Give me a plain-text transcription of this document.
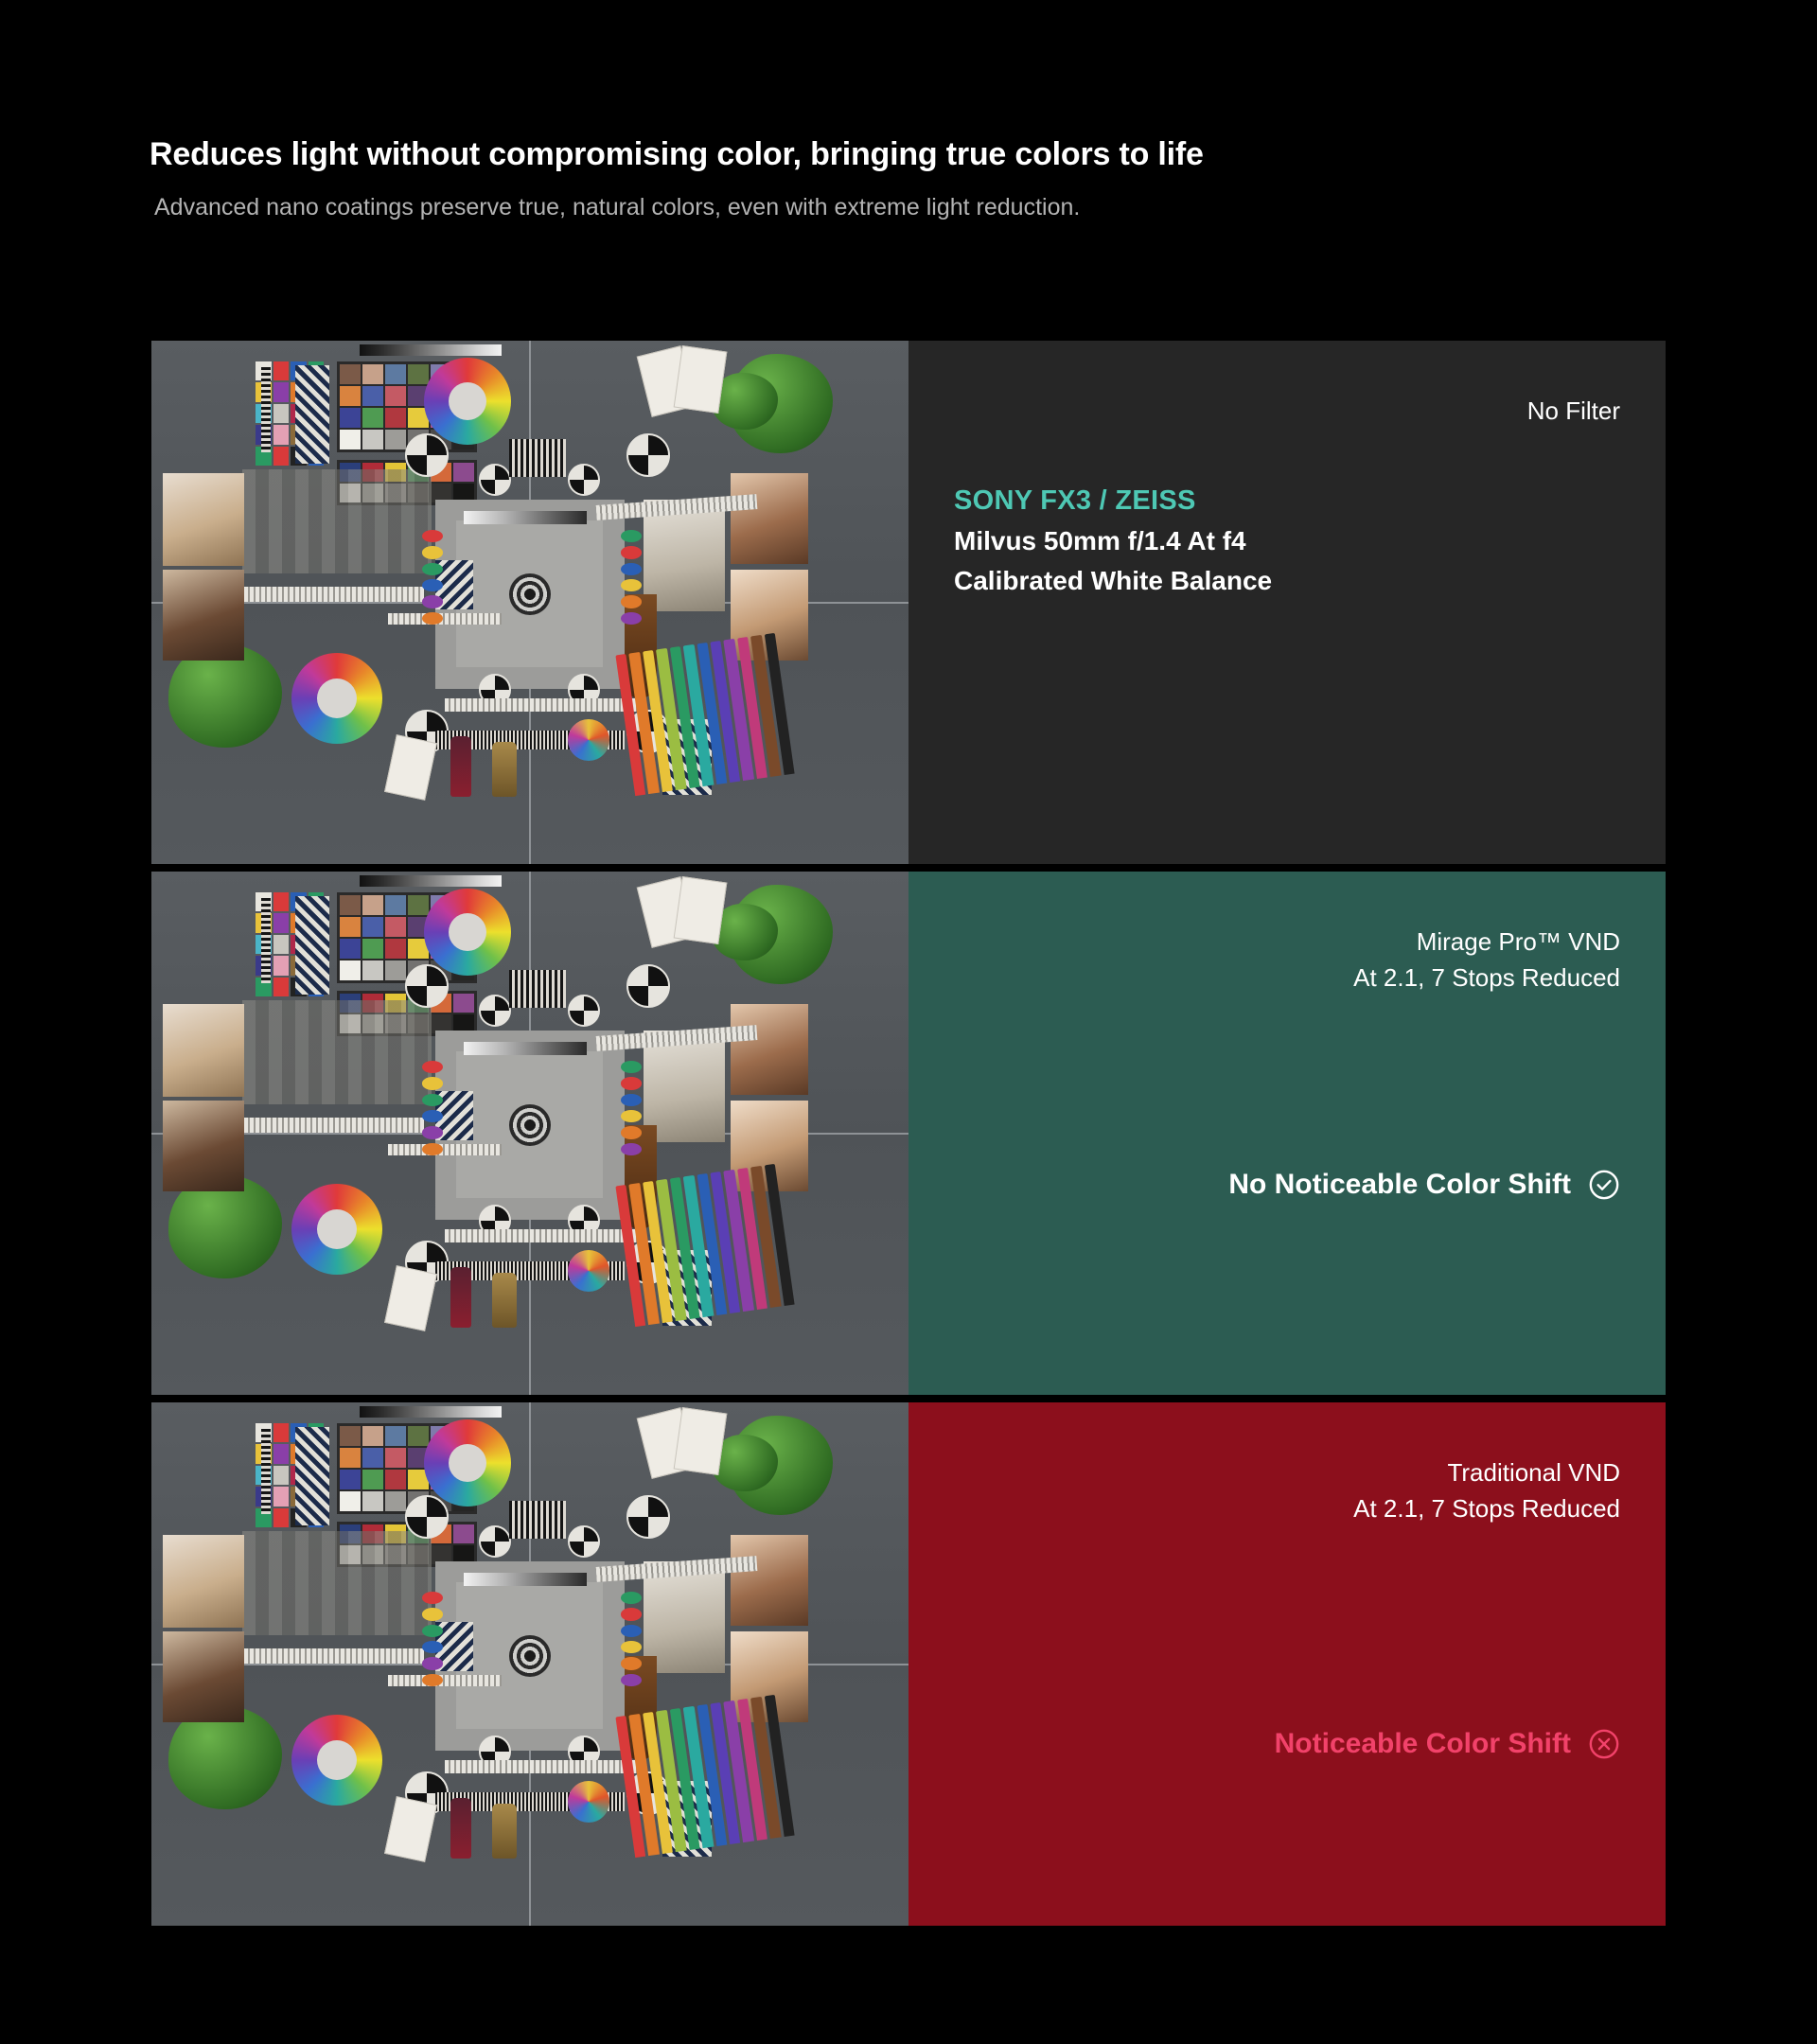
Reduces light without compromising color, bringing true colors to life
Advanced nano coatings preserve true, natural colors, even with extreme light reduction.
No Filter
SONY FX3 / ZEISS
Milvus 50mm f/1.4 At f4
Calibrated White Balance
Mirage Pro™ VND
At 2.1, 7 Stops Reduced
No Noticeable Color Shift
Traditional VND
At 2.1, 7 Stops Reduced
Noticeable Color Shift
